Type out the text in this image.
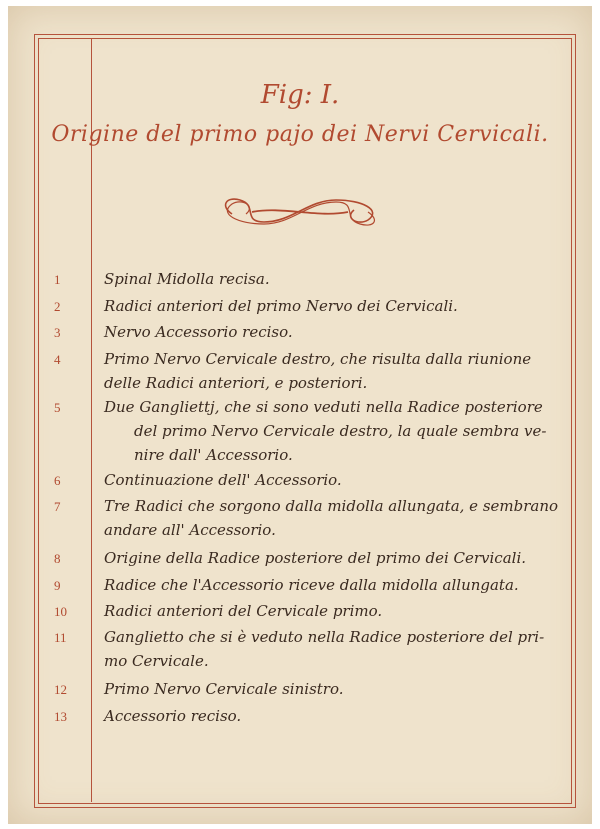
Fig: I.
Origine del primo pajo dei Nervi Cervicali.
1	Spinal Midolla recisa.
2	Radici anteriori del primo Nervo dei Cervicali.
3	Nervo Accessorio reciso.
4	Primo Nervo Cervicale destro, che risulta dalla riunione
delle Radici anteriori, e posteriori.
5	Due Gangliettj, che si sono veduti nella Radice posteriore
del primo Nervo Cervicale destro, la quale sembra ve-
nire dall' Accessorio.
6	Continuazione dell' Accessorio.
7	Tre Radici che sorgono dalla midolla allungata, e sembrano
andare all' Accessorio.
8	Origine della Radice posteriore del primo dei Cervicali.
9	Radice che l'Accessorio riceve dalla midolla allungata.
10	Radici anteriori del Cervicale primo.
11	Ganglietto che si è veduto nella Radice posteriore del pri-
mo Cervicale.
12	Primo Nervo Cervicale sinistro.
13	Accessorio reciso.
